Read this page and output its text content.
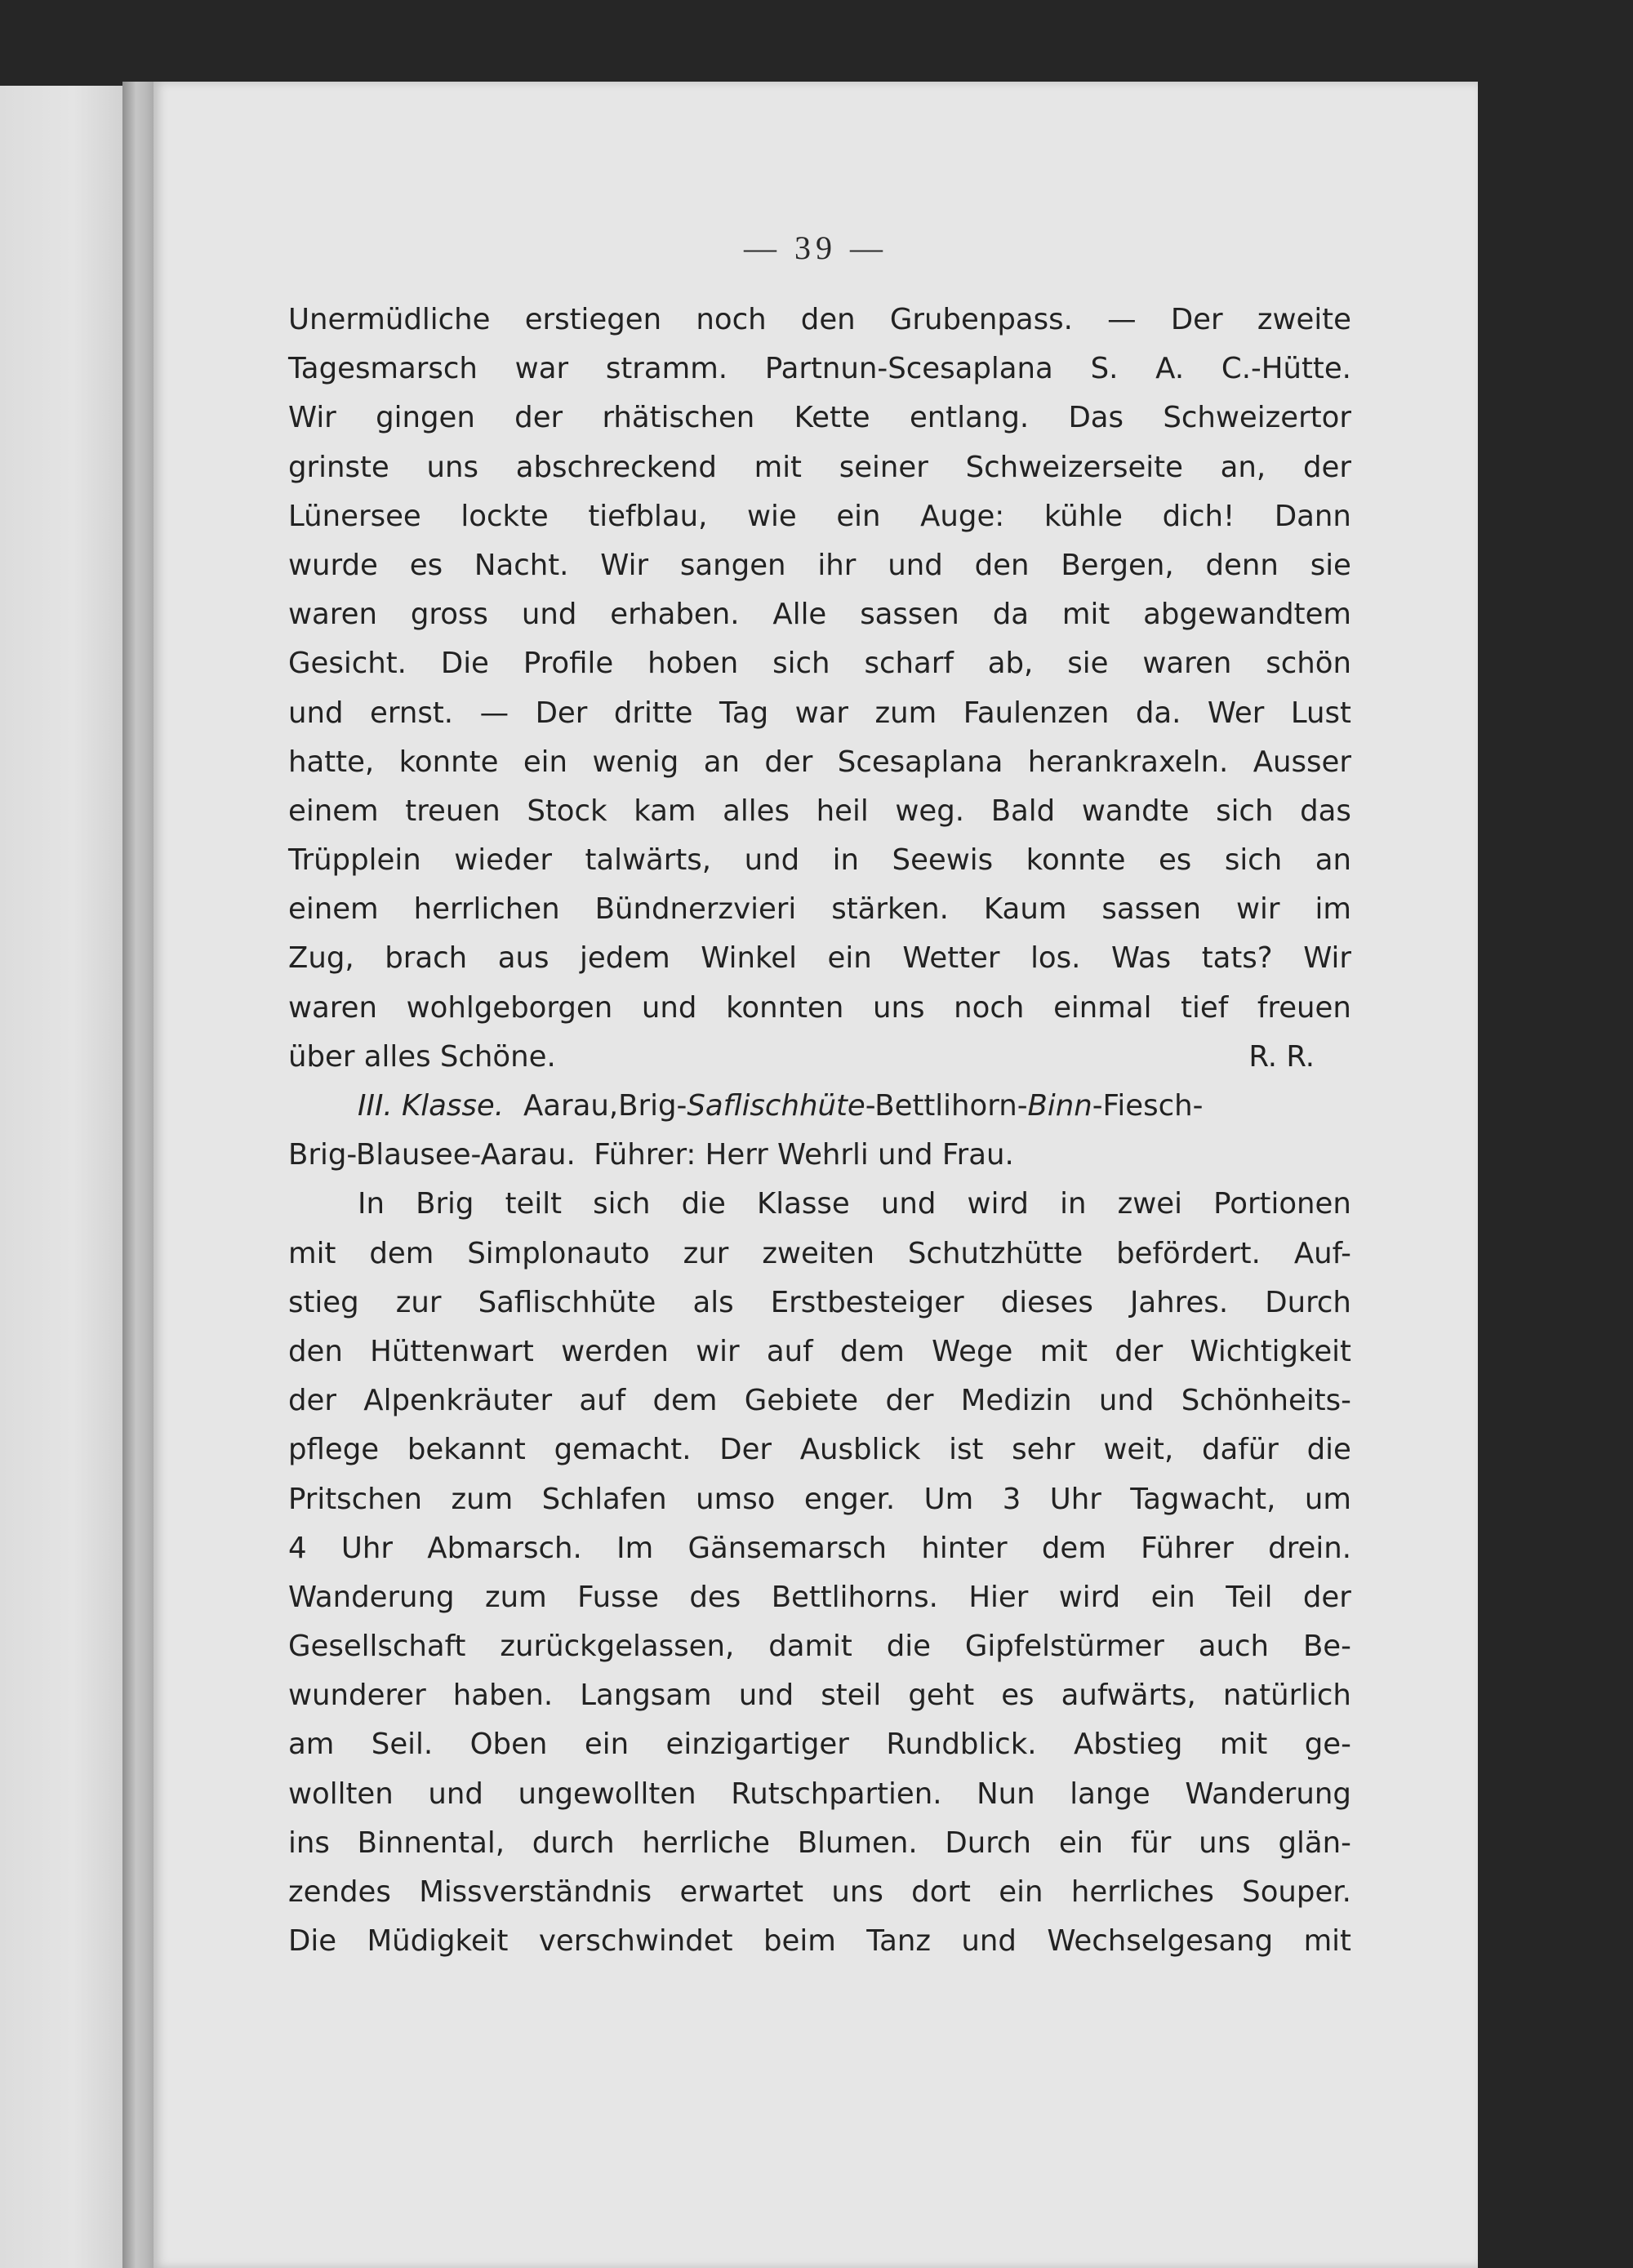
— 39 —
Unermüdliche erstiegen noch den Grubenpass. — Der zweite
Tagesmarsch war stramm. Partnun-Scesaplana S. A. C.-Hütte.
Wir gingen der rhätischen Kette entlang. Das Schweizertor
grinste uns abschreckend mit seiner Schweizerseite an, der
Lünersee lockte tiefblau, wie ein Auge: kühle dich! Dann
wurde es Nacht. Wir sangen ihr und den Bergen, denn sie
waren gross und erhaben. Alle sassen da mit abgewandtem
Gesicht. Die Profile hoben sich scharf ab, sie waren schön
und ernst. — Der dritte Tag war zum Faulenzen da. Wer Lust
hatte, konnte ein wenig an der Scesaplana herankraxeln. Ausser
einem treuen Stock kam alles heil weg. Bald wandte sich das
Trüpplein wieder talwärts, und in Seewis konnte es sich an
einem herrlichen Bündnerzvieri stärken. Kaum sassen wir im
Zug, brach aus jedem Winkel ein Wetter los. Was tats? Wir
waren wohlgeborgen und konnten uns noch einmal tief freuen
über alles Schöne.	R. R.
III. Klasse. Aarau,Brig- Saflischhüte -Bettlihorn- Binn -Fiesch-
Brig-Blausee-Aarau.  Führer: Herr Wehrli und Frau.
In Brig teilt sich die Klasse und wird in zwei Portionen
mit dem Simplonauto zur zweiten Schutzhütte befördert. Auf-
stieg zur Saflischhüte als Erstbesteiger dieses Jahres. Durch
den Hüttenwart werden wir auf dem Wege mit der Wichtigkeit
der Alpenkräuter auf dem Gebiete der Medizin und Schönheits-
pflege bekannt gemacht. Der Ausblick ist sehr weit, dafür die
Pritschen zum Schlafen umso enger. Um 3 Uhr Tagwacht, um
4 Uhr Abmarsch. Im Gänsemarsch hinter dem Führer drein.
Wanderung zum Fusse des Bettlihorns. Hier wird ein Teil der
Gesellschaft zurückgelassen, damit die Gipfelstürmer auch Be-
wunderer haben. Langsam und steil geht es aufwärts, natürlich
am Seil. Oben ein einzigartiger Rundblick. Abstieg mit ge-
wollten und ungewollten Rutschpartien. Nun lange Wanderung
ins Binnental, durch herrliche Blumen. Durch ein für uns glän-
zendes Missverständnis erwartet uns dort ein herrliches Souper.
Die Müdigkeit verschwindet beim Tanz und Wechselgesang mit
